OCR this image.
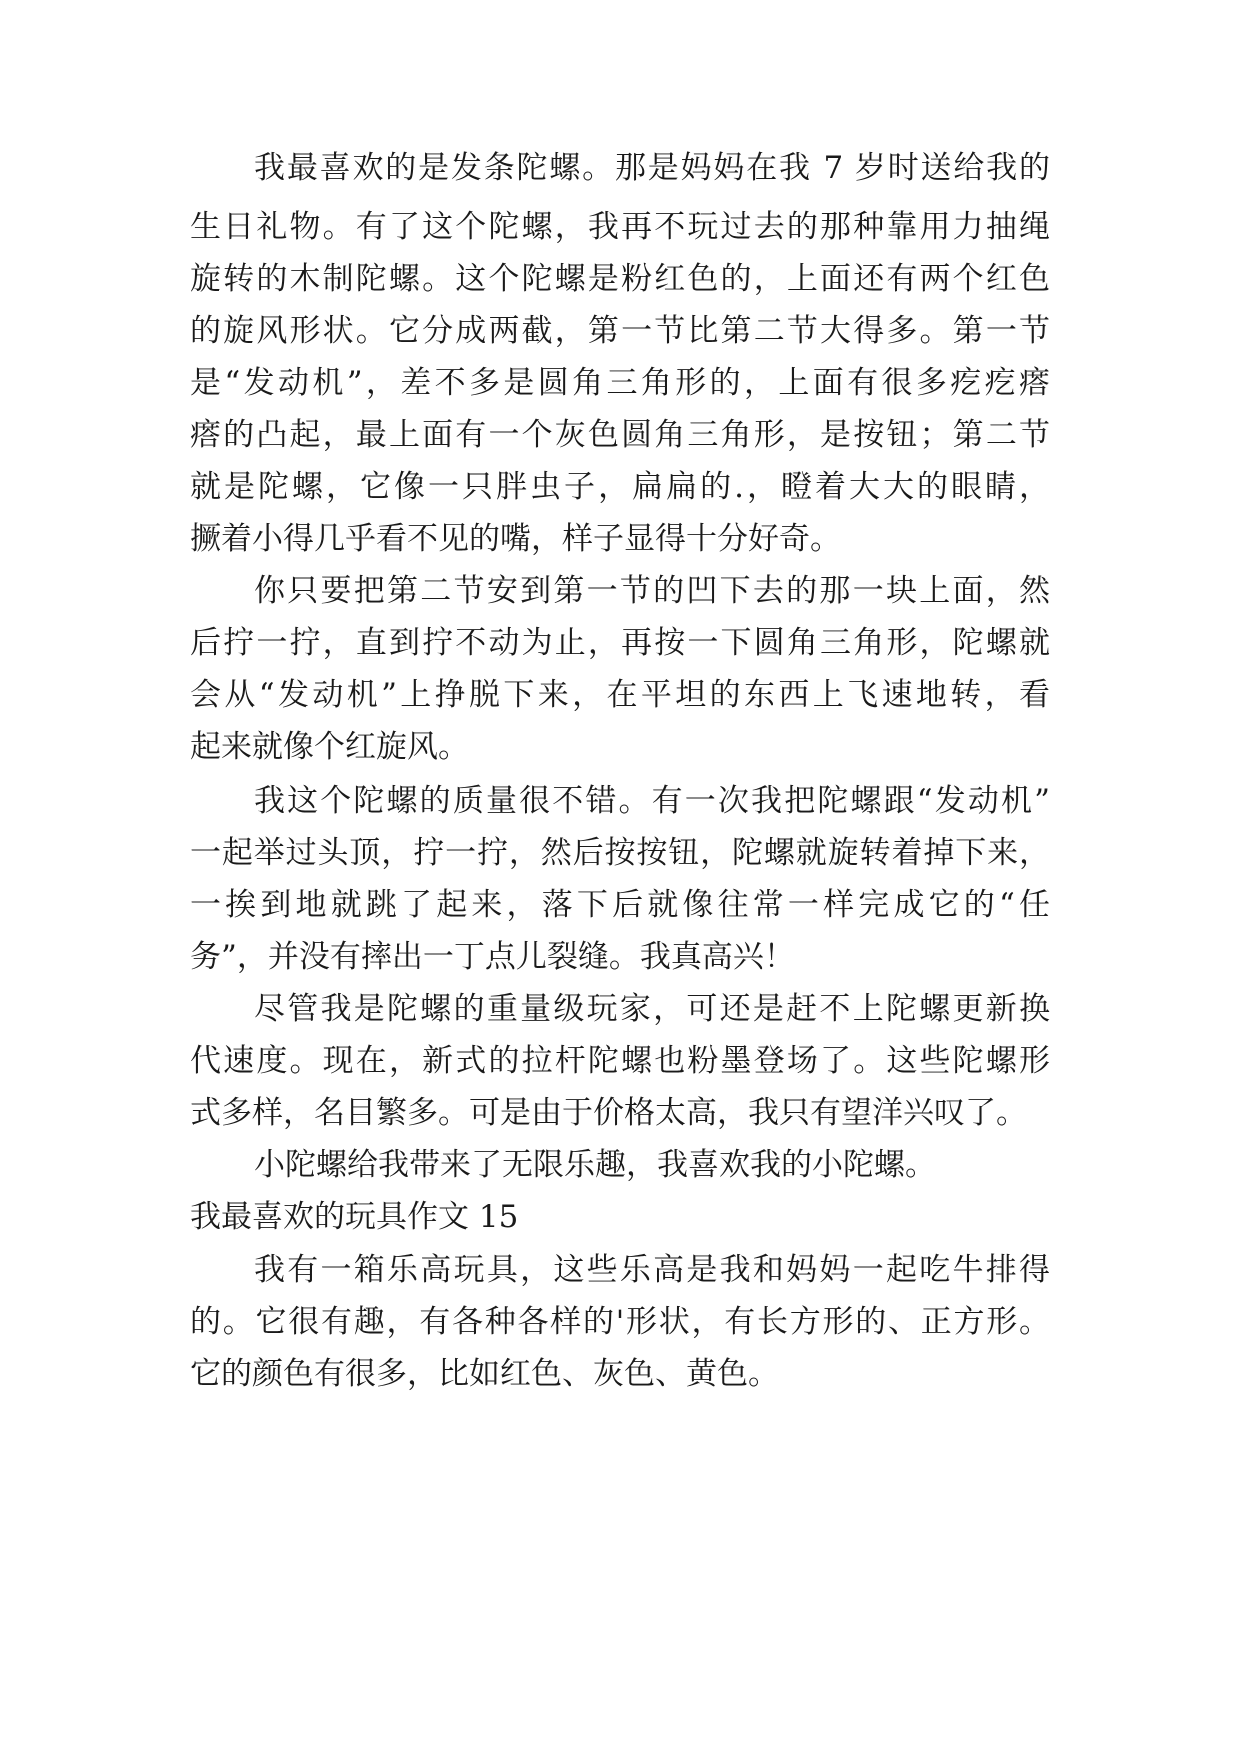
我最喜欢的是发条陀螺。那是妈妈在我 7 岁时送给我的
生日礼物。有了这个陀螺，我再不玩过去的那种靠用力抽绳
旋转的木制陀螺。这个陀螺是粉红色的，上面还有两个红色
的旋风形状。它分成两截，第一节比第二节大得多。第一节
是“发动机”，差不多是圆角三角形的，上面有很多疙疙瘩
瘩的凸起，最上面有一个灰色圆角三角形，是按钮；第二节
就是陀螺，它像一只胖虫子，扁扁的.，瞪着大大的眼睛，
撅着小得几乎看不见的嘴，样子显得十分好奇。
你只要把第二节安到第一节的凹下去的那一块上面，然
后拧一拧，直到拧不动为止，再按一下圆角三角形，陀螺就
会从“发动机”上挣脱下来，在平坦的东西上飞速地转，看
起来就像个红旋风。
我这个陀螺的质量很不错。有一次我把陀螺跟“发动机”
一起举过头顶，拧一拧，然后按按钮，陀螺就旋转着掉下来，
一挨到地就跳了起来，落下后就像往常一样完成它的“任
务”，并没有摔出一丁点儿裂缝。我真高兴！
尽管我是陀螺的重量级玩家，可还是赶不上陀螺更新换
代速度。现在，新式的拉杆陀螺也粉墨登场了。这些陀螺形
式多样，名目繁多。可是由于价格太高，我只有望洋兴叹了。
小陀螺给我带来了无限乐趣，我喜欢我的小陀螺。
我最喜欢的玩具作文 15
我有一箱乐高玩具，这些乐高是我和妈妈一起吃牛排得
的。它很有趣，有各种各样的'形状，有长方形的、正方形。
它的颜色有很多，比如红色、灰色、黄色。
